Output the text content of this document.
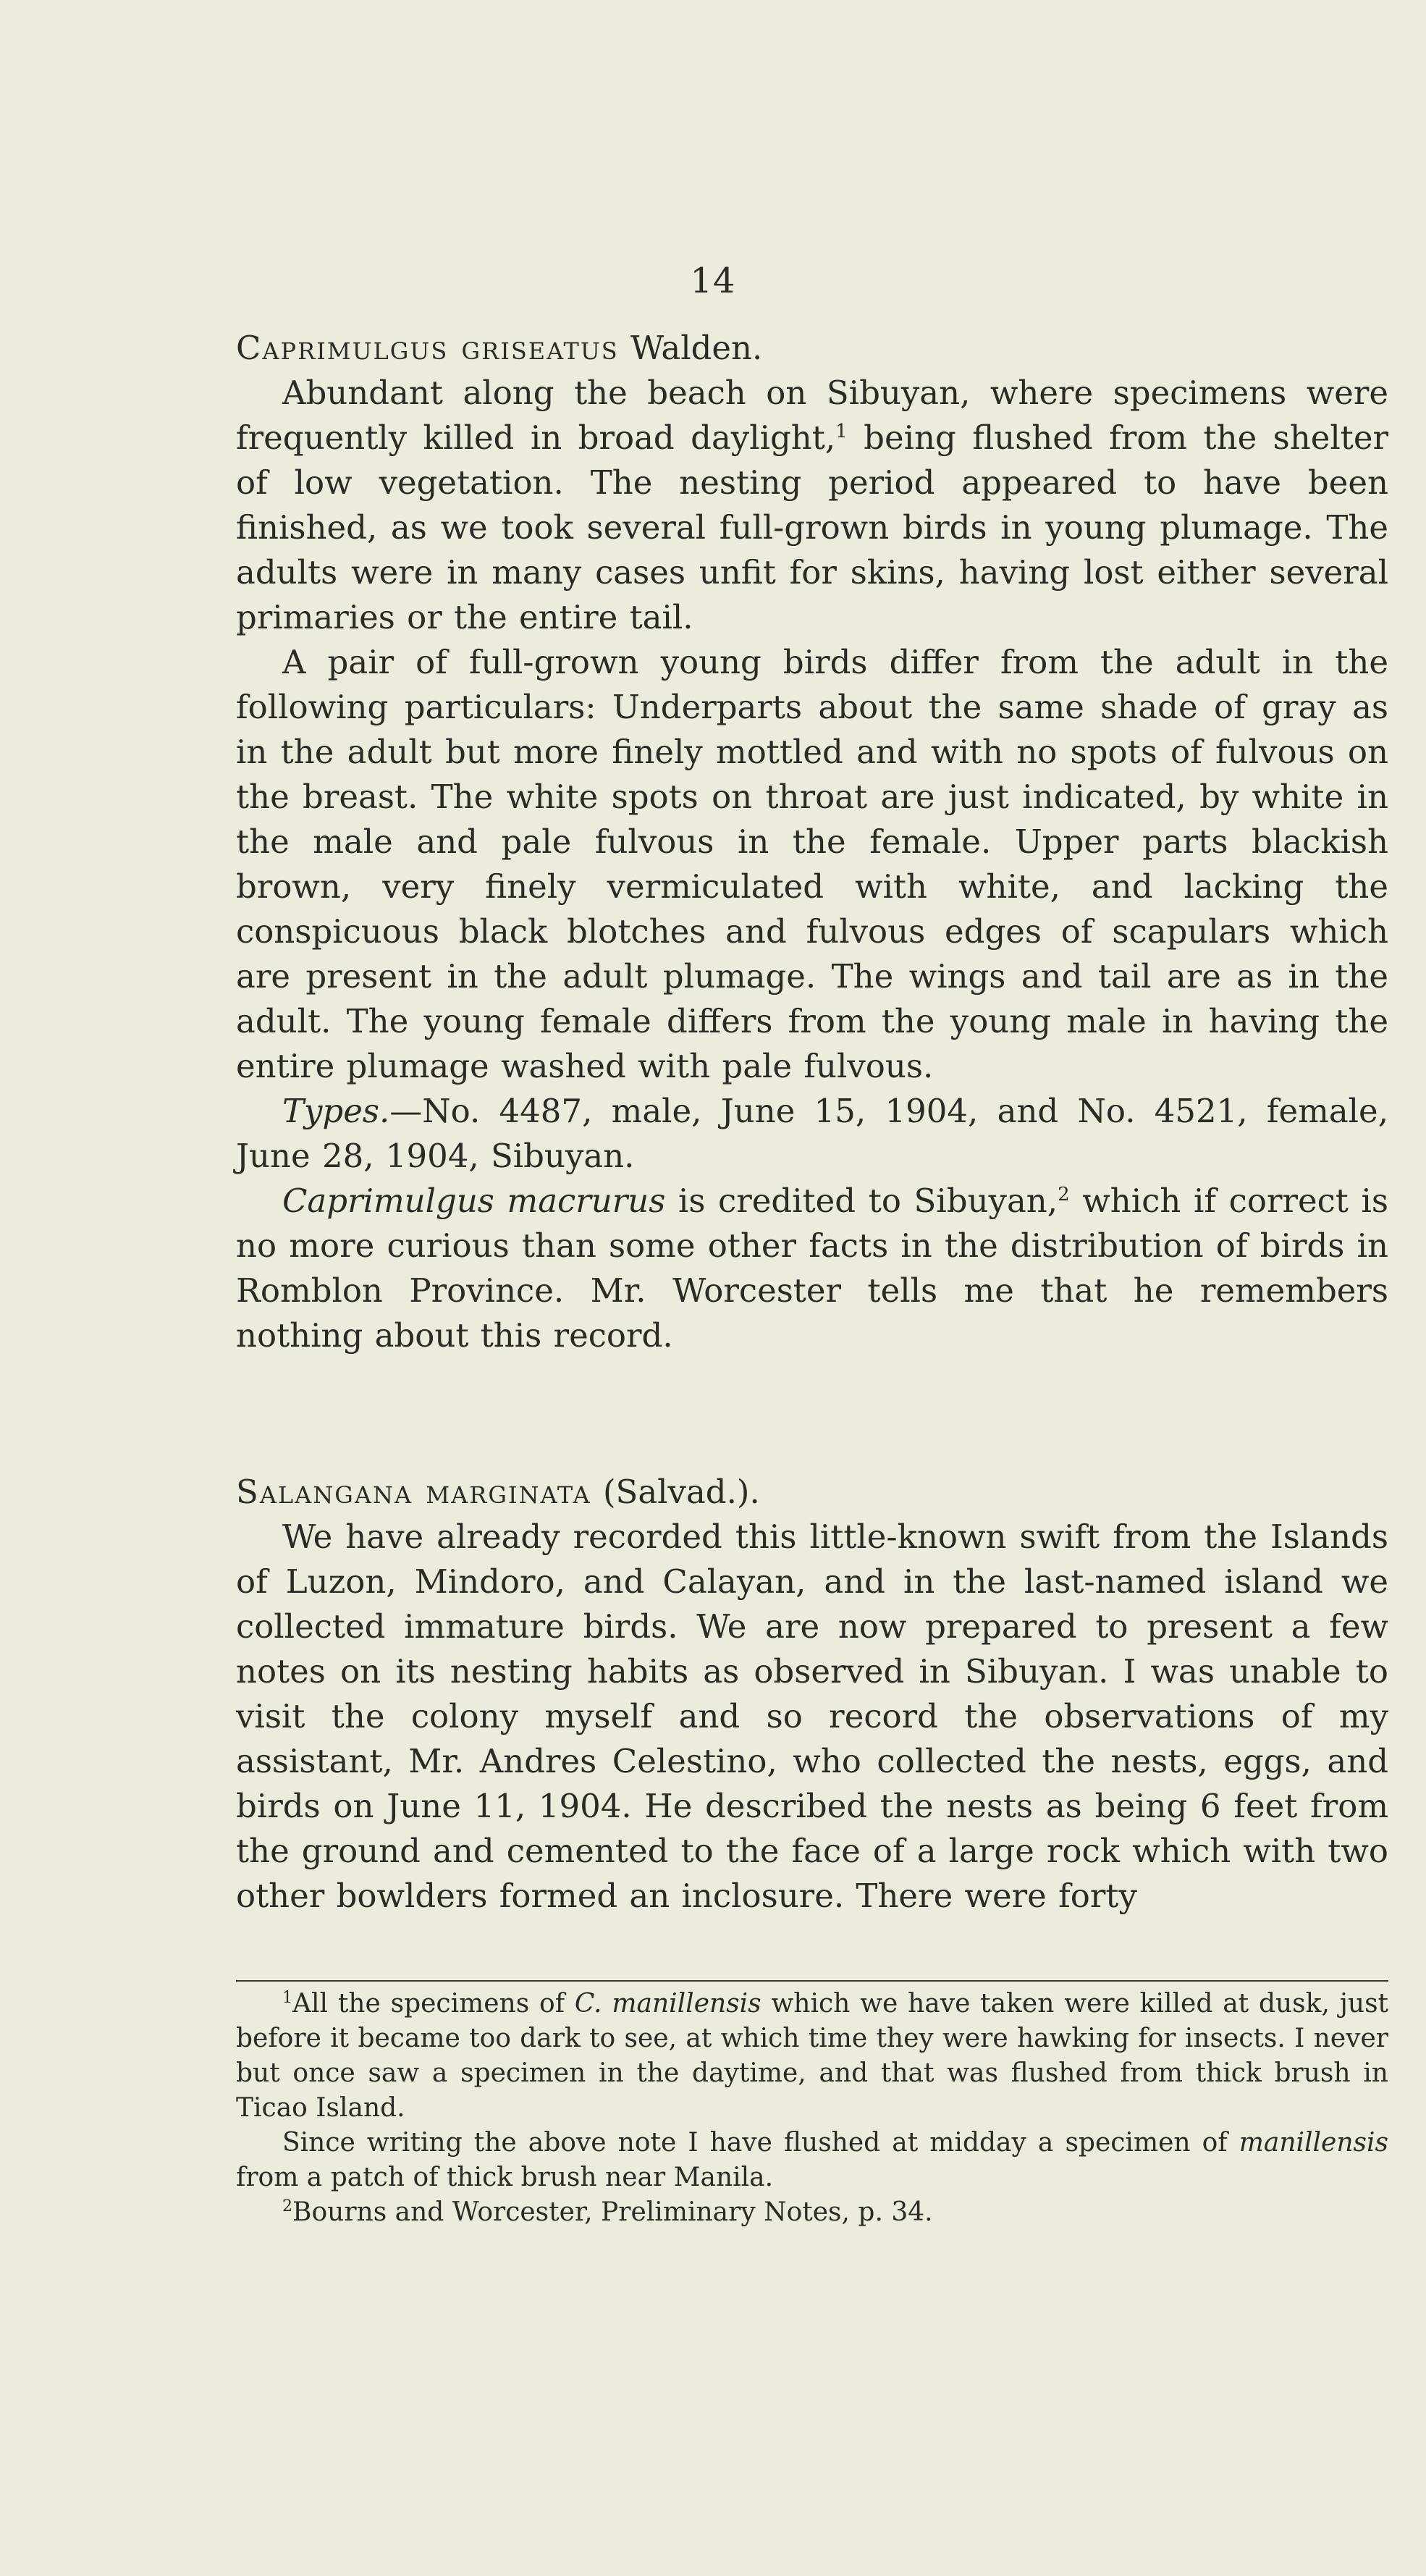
14

Caprimulgus griseatus Walden.

Abundant along the beach on Sibuyan, where specimens were frequently killed in broad daylight,$^1$ being flushed from the shelter of low vegetation. The nesting period appeared to have been finished, as we took several full-grown birds in young plumage. The adults were in many cases unfit for skins, having lost either several primaries or the entire tail.

A pair of full-grown young birds differ from the adult in the following particulars: Underparts about the same shade of gray as in the adult but more finely mottled and with no spots of fulvous on the breast. The white spots on throat are just indicated, by white in the male and pale fulvous in the female. Upper parts blackish brown, very finely vermiculated with white, and lacking the conspicuous black blotches and fulvous edges of scapulars which are present in the adult plumage. The wings and tail are as in the adult. The young female differs from the young male in having the entire plumage washed with pale fulvous.

Types.—No. 4487, male, June 15, 1904, and No. 4521, female, June 28, 1904, Sibuyan.

Caprimulgus macrurus is credited to Sibuyan,$^2$ which if correct is no more curious than some other facts in the distribution of birds in Romblon Province. Mr. Worcester tells me that he remembers nothing about this record.

Salangana marginata (Salvad.).

We have already recorded this little-known swift from the Islands of Luzon, Mindoro, and Calayan, and in the last-named island we collected immature birds. We are now prepared to present a few notes on its nesting habits as observed in Sibuyan. I was unable to visit the colony myself and so record the observations of my assistant, Mr. Andres Celestino, who collected the nests, eggs, and birds on June 11, 1904. He described the nests as being 6 feet from the ground and cemented to the face of a large rock which with two other bowlders formed an inclosure. There were forty

$^1$All the specimens of C. manillensis which we have taken were killed at dusk, just before it became too dark to see, at which time they were hawking for insects. I never but once saw a specimen in the daytime, and that was flushed from thick brush in Ticao Island.

Since writing the above note I have flushed at midday a specimen of manillensis from a patch of thick brush near Manila.

$^2$Bourns and Worcester, Preliminary Notes, p. 34.
